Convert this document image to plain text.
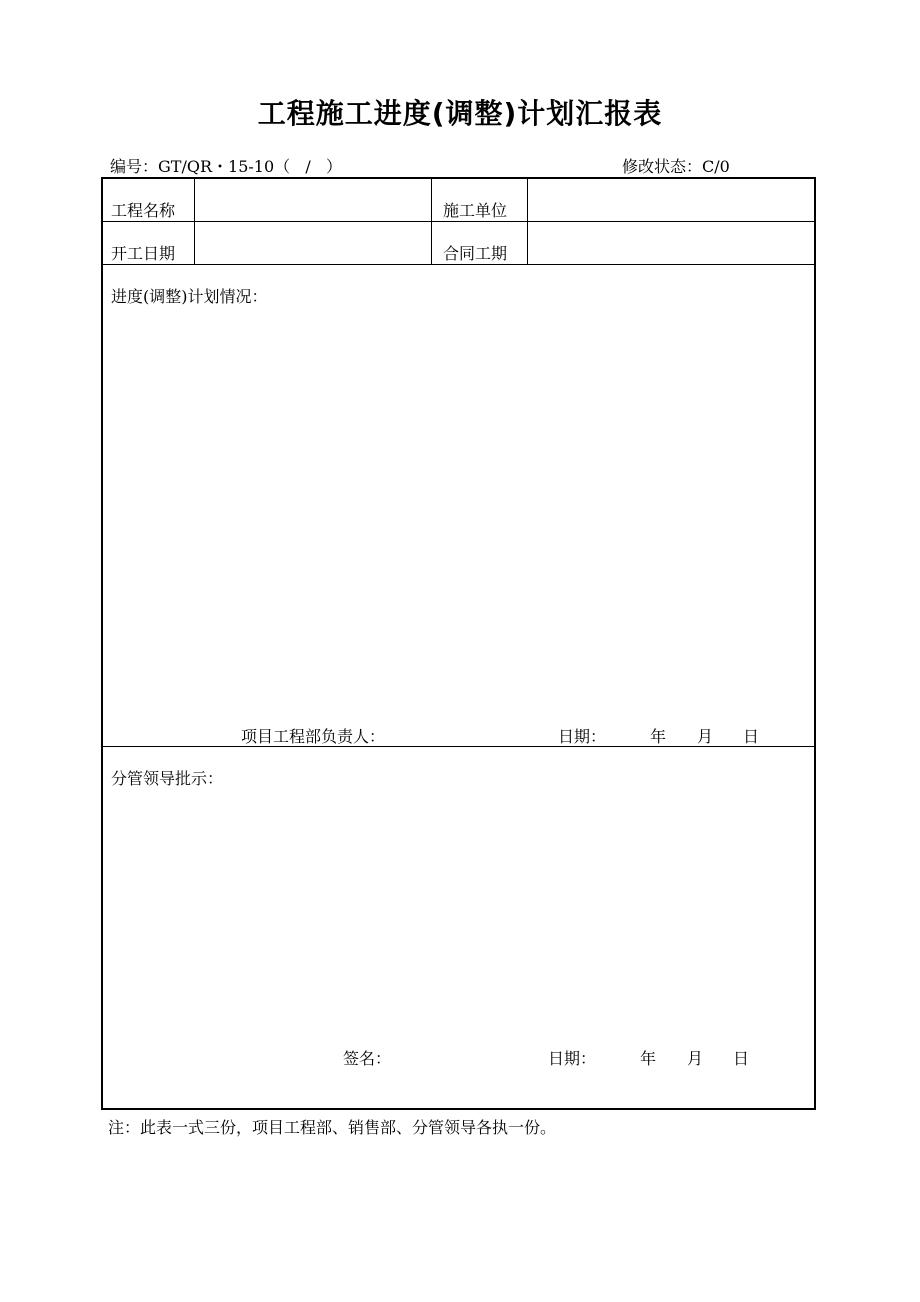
工程施工进度(调整)计划汇报表
编号：GT/QR・15-10（   /   ）	修改状态：C/0
工程名称	施工单位
开工日期	合同工期
进度(调整)计划情况：
项目工程部负责人：	日期：	年 月 日
分管领导批示：
签名：	日期：	年 月 日
注：此表一式三份，项目工程部、销售部、分管领导各执一份。
